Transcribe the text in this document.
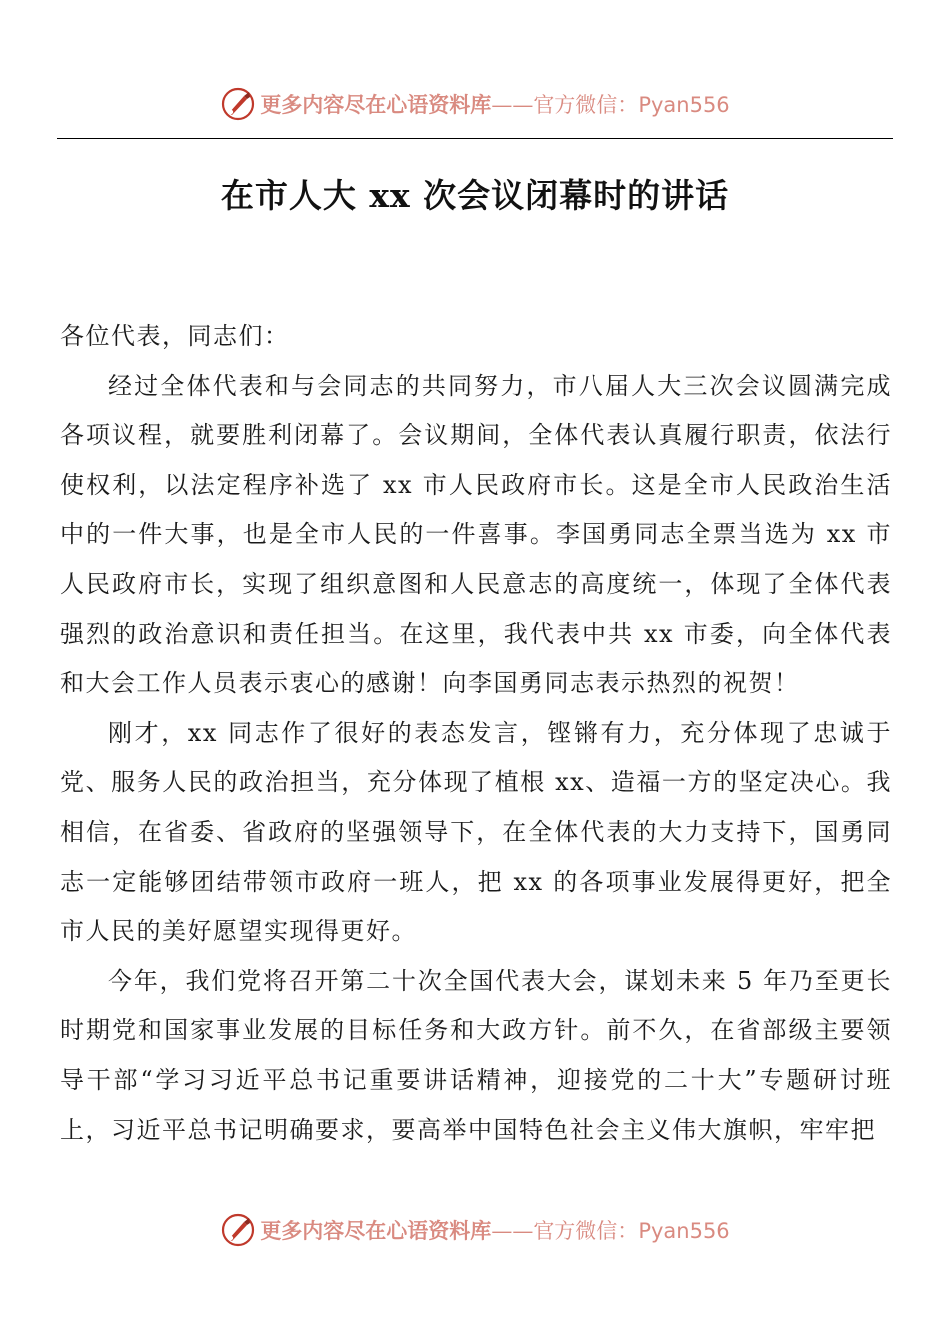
更多内容尽在心语资料库——官方微信：Pyan556
在市人大 xx 次会议闭幕时的讲话

各位代表，同志们：

经过全体代表和与会同志的共同努力，市八届人大三次会议圆满完成各项议程，就要胜利闭幕了。会议期间，全体代表认真履行职责，依法行使权利，以法定程序补选了 xx 市人民政府市长。这是全市人民政治生活中的一件大事，也是全市人民的一件喜事。李国勇同志全票当选为 xx 市人民政府市长，实现了组织意图和人民意志的高度统一，体现了全体代表强烈的政治意识和责任担当。在这里，我代表中共 xx 市委，向全体代表和大会工作人员表示衷心的感谢！向李国勇同志表示热烈的祝贺！

刚才，xx 同志作了很好的表态发言，铿锵有力，充分体现了忠诚于党、服务人民的政治担当，充分体现了植根 xx、造福一方的坚定决心。我相信，在省委、省政府的坚强领导下，在全体代表的大力支持下，国勇同志一定能够团结带领市政府一班人，把 xx 的各项事业发展得更好，把全市人民的美好愿望实现得更好。

今年，我们党将召开第二十次全国代表大会，谋划未来 5 年乃至更长时期党和国家事业发展的目标任务和大政方针。前不久，在省部级主要领导干部“学习习近平总书记重要讲话精神，迎接党的二十大”专题研讨班上，习近平总书记明确要求，要高举中国特色社会主义伟大旗帜，牢牢把

更多内容尽在心语资料库——官方微信：Pyan556
